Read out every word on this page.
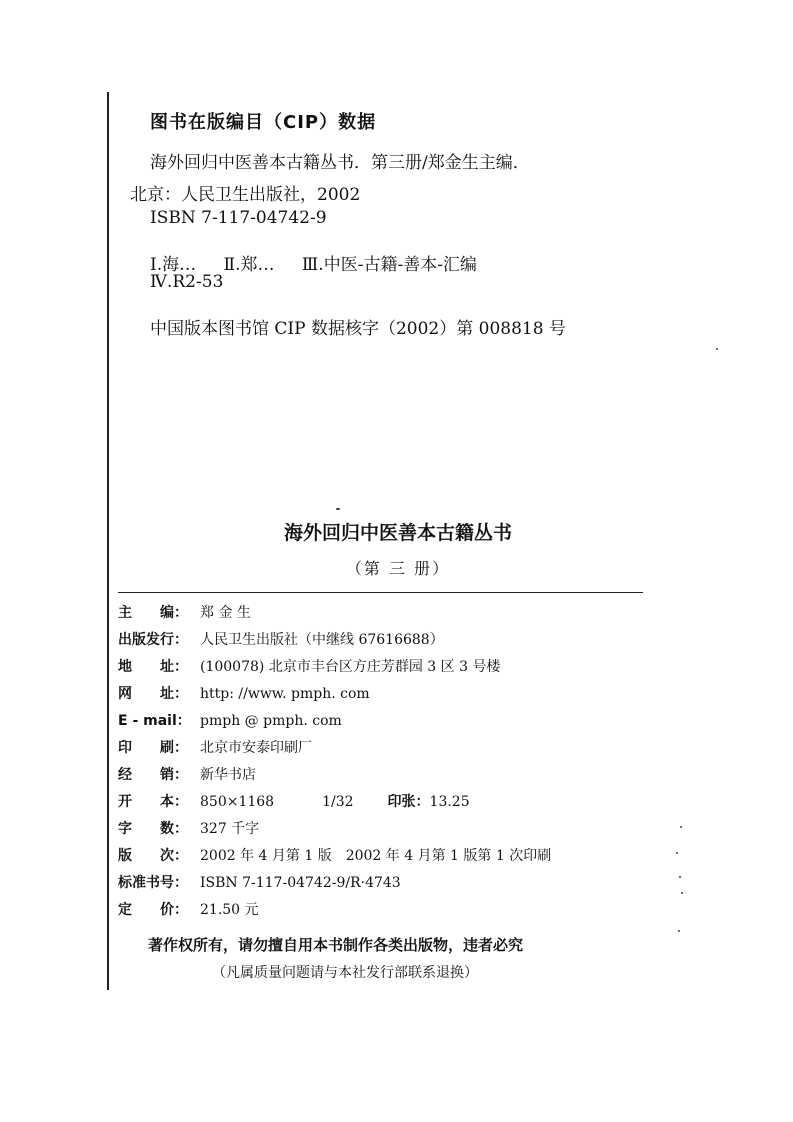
图书在版编目（CIP）数据
海外回归中医善本古籍丛书．第三册/郑金生主编．
北京：人民卫生出版社，2002
ISBN 7-117-04742-9
Ⅰ.海… Ⅱ.郑… Ⅲ.中医-古籍-善本-汇编
Ⅳ.R2-53
中国版本图书馆 CIP 数据核字（2002）第 008818 号
海外回归中医善本古籍丛书
（第 三 册）
主　　编： 郑 金 生
出版发行： 人民卫生出版社（中继线 67616688）
地　　址： (100078) 北京市丰台区方庄芳群园 3 区 3 号楼
网　　址： http: //www. pmph. com
E - mail： pmph @ pmph. com
印　　刷： 北京市安泰印刷厂
经　　销： 新华书店
开　　本： 850×1168	1/32 印张： 13.25
字　　数： 327 千字
版　　次： 2002 年 4 月第 1 版　2002 年 4 月第 1 版第 1 次印刷
标准书号： ISBN 7-117-04742-9/R·4743
定　　价： 21.50 元
著作权所有，请勿擅自用本书制作各类出版物，违者必究
（凡属质量问题请与本社发行部联系退换）
